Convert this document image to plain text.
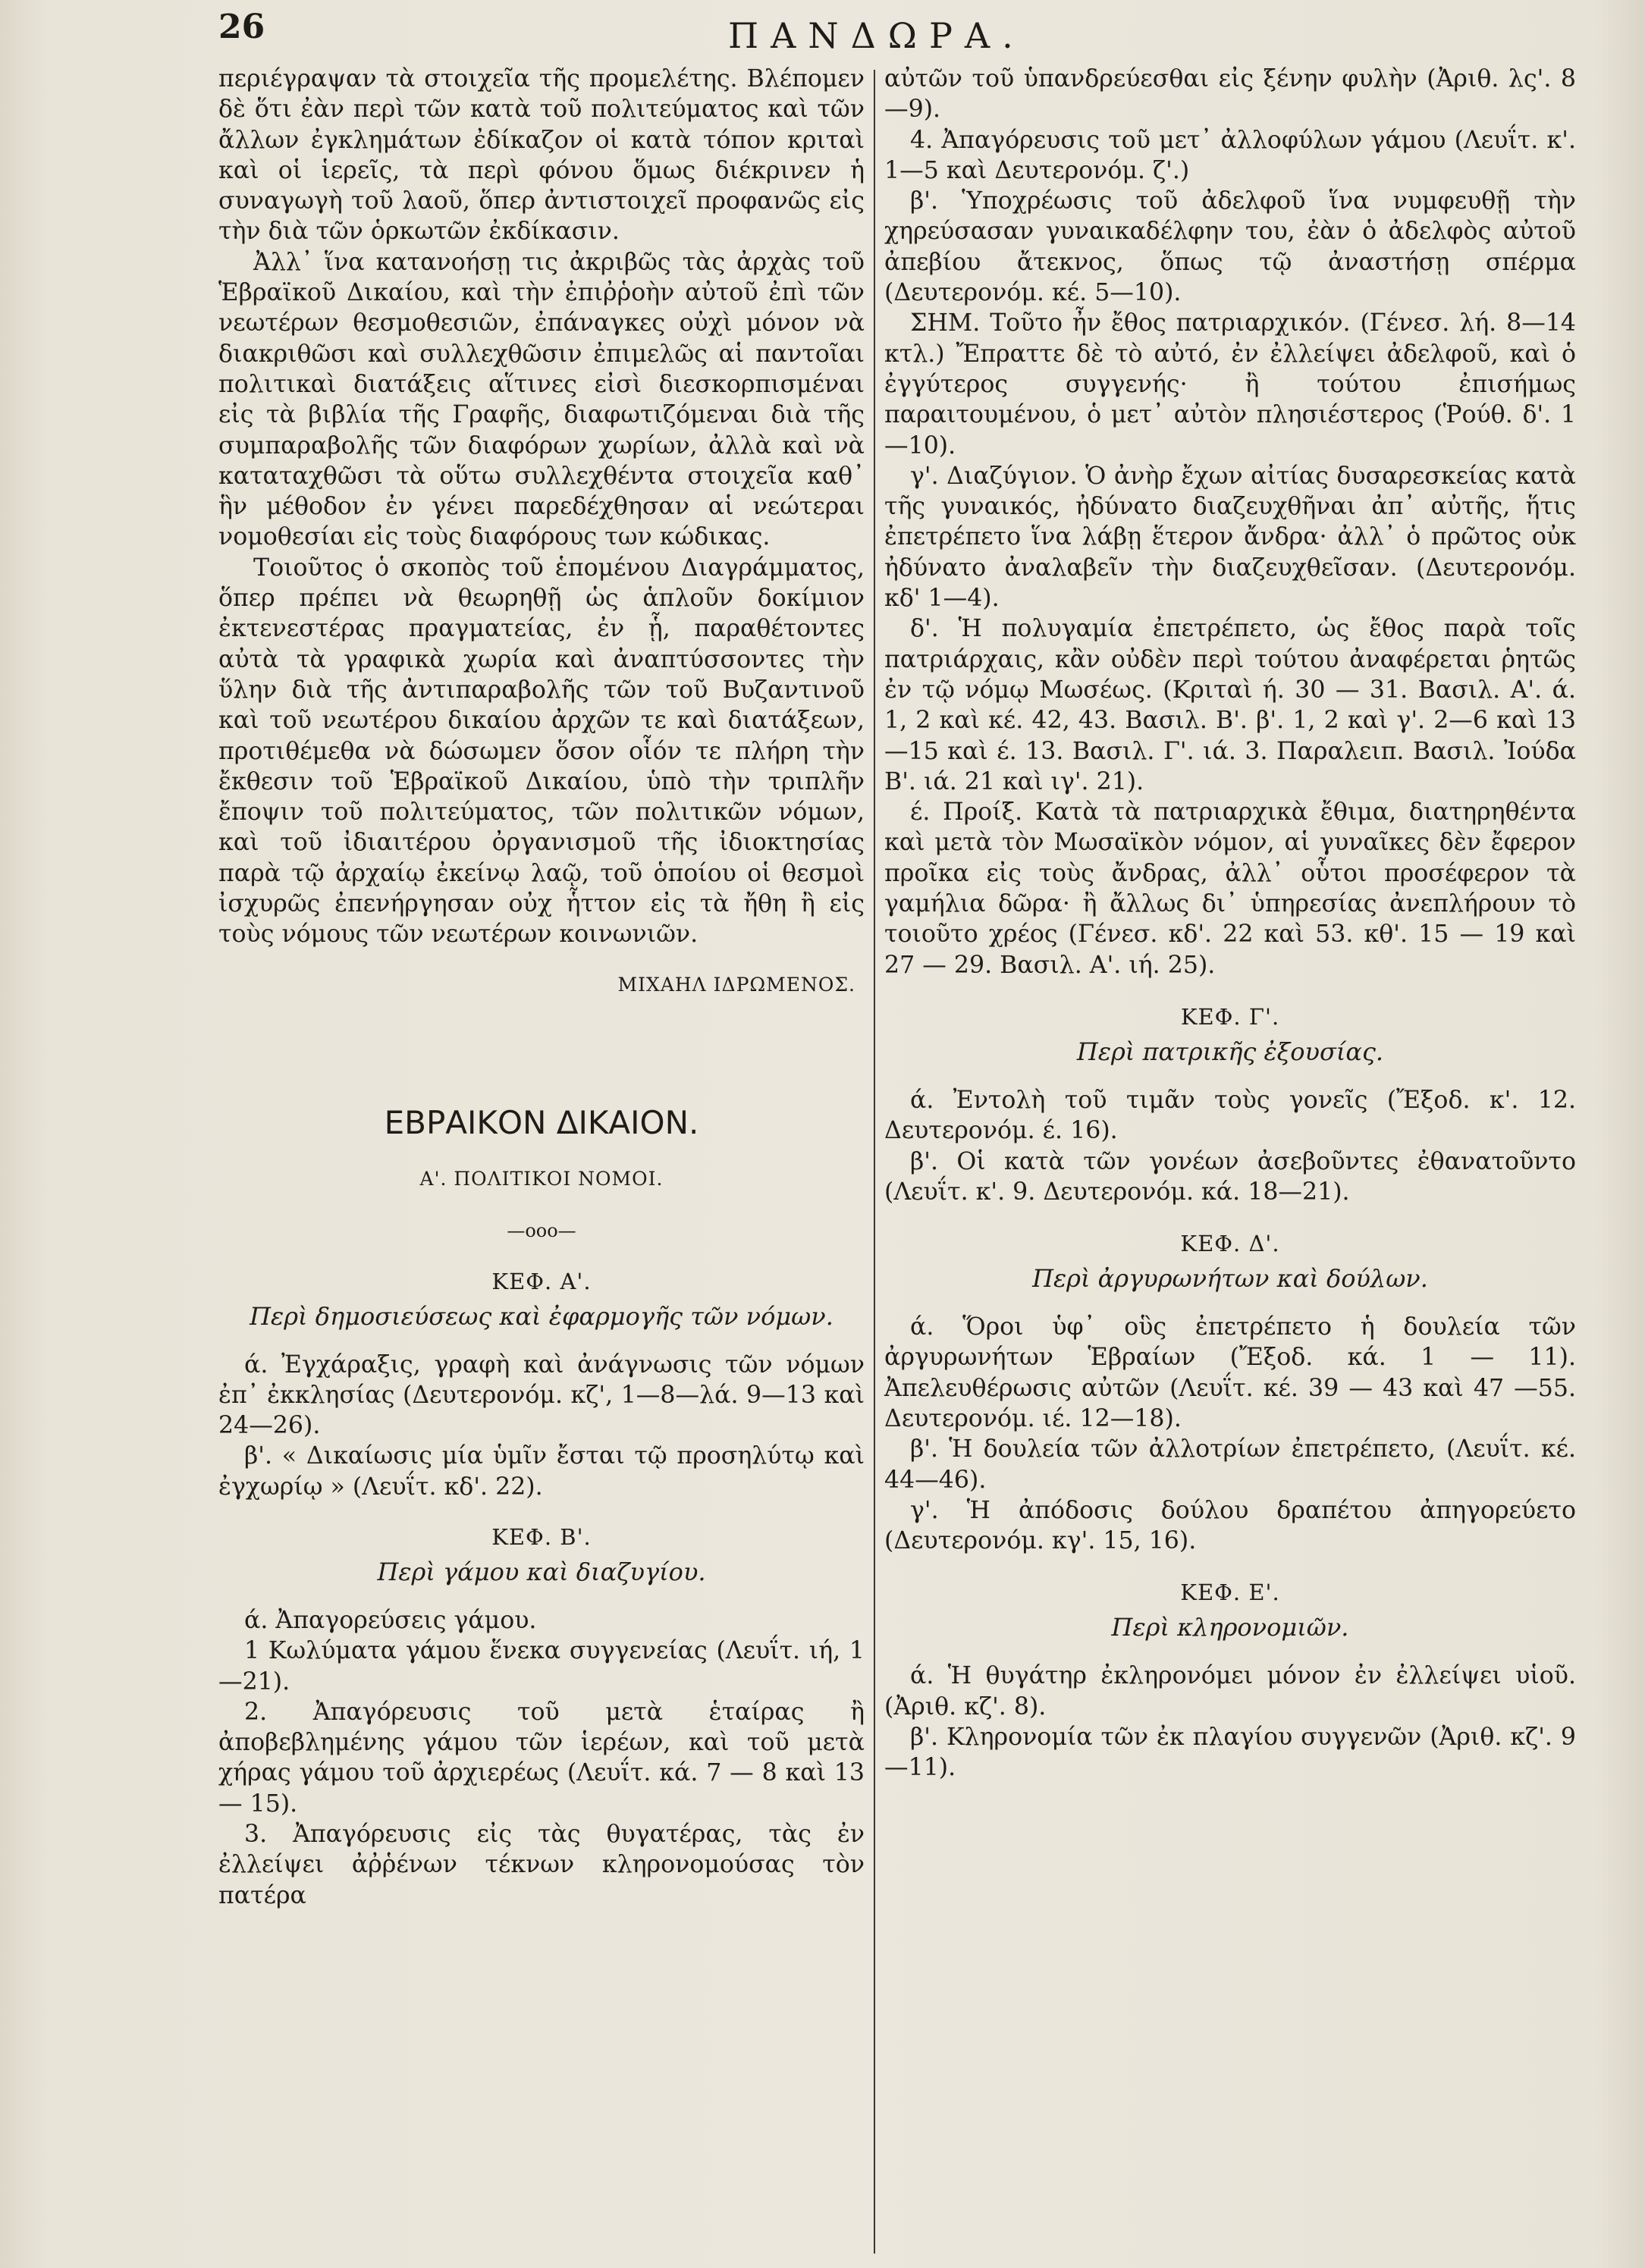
26	ΠΑΝΔΩΡΑ.

περιέγραψαν τὰ στοιχεῖα τῆς προμελέτης. Βλέπομεν δὲ ὅτι ἐὰν περὶ τῶν κατὰ τοῦ πολιτεύματος καὶ τῶν ἄλλων ἐγκλημάτων ἐδίκαζον οἱ κατὰ τόπον κριταὶ καὶ οἱ ἱερεῖς, τὰ περὶ φόνου ὅμως διέκρινεν ἡ συναγωγὴ τοῦ λαοῦ, ὅπερ ἀντιστοιχεῖ προφανῶς εἰς τὴν διὰ τῶν ὁρκωτῶν ἐκδίκασιν.

Ἀλλ᾽ ἵνα κατανοήσῃ τις ἀκριβῶς τὰς ἀρχὰς τοῦ Ἑβραϊκοῦ Δικαίου, καὶ τὴν ἐπιῤῥοὴν αὐτοῦ ἐπὶ τῶν νεωτέρων θεσμοθεσιῶν, ἐπάναγκες οὐχὶ μόνον νὰ διακριθῶσι καὶ συλλεχθῶσιν ἐπιμελῶς αἱ παντοῖαι πολιτικαὶ διατάξεις αἵτινες εἰσὶ διεσκορπισμέναι εἰς τὰ βιβλία τῆς Γραφῆς, διαφωτιζόμεναι διὰ τῆς συμπαραβολῆς τῶν διαφόρων χωρίων, ἀλλὰ καὶ νὰ καταταχθῶσι τὰ οὕτω συλλεχθέντα στοιχεῖα καθ᾽ ἣν μέθοδον ἐν γένει παρεδέχθησαν αἱ νεώτεραι νομοθεσίαι εἰς τοὺς διαφόρους των κώδικας.

Τοιοῦτος ὁ σκοπὸς τοῦ ἑπομένου Διαγράμματος, ὅπερ πρέπει νὰ θεωρηθῇ ὡς ἁπλοῦν δοκίμιον ἐκτενεστέρας πραγματείας, ἐν ᾗ, παραθέτοντες αὐτὰ τὰ γραφικὰ χωρία καὶ ἀναπτύσσοντες τὴν ὕλην διὰ τῆς ἀντιπαραβολῆς τῶν τοῦ Βυζαντινοῦ καὶ τοῦ νεωτέρου δικαίου ἀρχῶν τε καὶ διατάξεων, προτιθέμεθα νὰ δώσωμεν ὅσον οἷόν τε πλήρη τὴν ἔκθεσιν τοῦ Ἑβραϊκοῦ Δικαίου, ὑπὸ τὴν τριπλῆν ἔποψιν τοῦ πολιτεύματος, τῶν πολιτικῶν νόμων, καὶ τοῦ ἰδιαιτέρου ὀργανισμοῦ τῆς ἰδιοκτησίας παρὰ τῷ ἀρχαίῳ ἐκείνῳ λαῷ, τοῦ ὁποίου οἱ θεσμοὶ ἰσχυρῶς ἐπενήργησαν οὐχ ἧττον εἰς τὰ ἤθη ἢ εἰς τοὺς νόμους τῶν νεωτέρων κοινωνιῶν.

ΜΙΧΑΗΛ ΙΔΡΩΜΕΝΟΣ.

ΕΒΡΑΙΚΟΝ ΔΙΚΑΙΟΝ.

Α'. ΠΟΛΙΤΙΚΟΙ ΝΟΜΟΙ.

—ooo—

ΚΕΦ. Α'.

Περὶ δημοσιεύσεως καὶ ἐφαρμογῆς τῶν νόμων.

ά. Ἐγχάραξις, γραφὴ καὶ ἀνάγνωσις τῶν νόμων ἐπ᾽ ἐκκλησίας (Δευτερονόμ. κζ', 1—8—λά. 9—13 καὶ 24—26).

β'. « Δικαίωσις μία ὑμῖν ἔσται τῷ προσηλύτῳ καὶ ἐγχωρίῳ » (Λευΐτ. κδ'. 22).

ΚΕΦ. Β'.

Περὶ γάμου καὶ διαζυγίου.

ά. Ἀπαγορεύσεις γάμου.

1 Κωλύματα γάμου ἕνεκα συγγενείας (Λευΐτ. ιή, 1—21).

2. Ἀπαγόρευσις τοῦ μετὰ ἑταίρας ἢ ἀποβεβλημένης γάμου τῶν ἱερέων, καὶ τοῦ μετὰ χήρας γάμου τοῦ ἀρχιερέως (Λευΐτ. κά. 7 — 8 καὶ 13 — 15).

3. Ἀπαγόρευσις εἰς τὰς θυγατέρας, τὰς ἐν ἐλλείψει ἀῤῥένων τέκνων κληρονομούσας τὸν πατέρα

αὐτῶν τοῦ ὑπανδρεύεσθαι εἰς ξένην φυλὴν (Ἀριθ. λς'. 8—9).

4. Ἀπαγόρευσις τοῦ μετ᾽ ἀλλοφύλων γάμου (Λευΐτ. κ'. 1—5 καὶ Δευτερονόμ. ζ'.)

β'. Ὑποχρέωσις τοῦ ἀδελφοῦ ἵνα νυμφευθῇ τὴν χηρεύσασαν γυναικαδέλφην του, ἐὰν ὁ ἀδελφὸς αὐτοῦ ἀπεβίου ἄτεκνος, ὅπως τῷ ἀναστήσῃ σπέρμα (Δευτερονόμ. κέ. 5—10).

ΣΗΜ. Τοῦτο ἦν ἔθος πατριαρχικόν. (Γένεσ. λή. 8—14 κτλ.) Ἔπραττε δὲ τὸ αὐτό, ἐν ἐλλείψει ἀδελφοῦ, καὶ ὁ ἐγγύτερος συγγενής· ἢ τούτου ἐπισήμως παραιτουμένου, ὁ μετ᾽ αὐτὸν πλησιέστερος (Ῥούθ. δ'. 1—10).

γ'. Διαζύγιον. Ὁ ἀνὴρ ἔχων αἰτίας δυσαρεσκείας κατὰ τῆς γυναικός, ἠδύνατο διαζευχθῆναι ἀπ᾽ αὐτῆς, ἥτις ἐπετρέπετο ἵνα λάβῃ ἕτερον ἄνδρα· ἀλλ᾽ ὁ πρῶτος οὐκ ἠδύνατο ἀναλαβεῖν τὴν διαζευχθεῖσαν. (Δευτερονόμ. κδ' 1—4).

δ'. Ἡ πολυγαμία ἐπετρέπετο, ὡς ἔθος παρὰ τοῖς πατριάρχαις, κἂν οὐδὲν περὶ τούτου ἀναφέρεται ῥητῶς ἐν τῷ νόμῳ Μωσέως. (Κριταὶ ή. 30 — 31. Βασιλ. Α'. ά. 1, 2 καὶ κέ. 42, 43. Βασιλ. Β'. β'. 1, 2 καὶ γ'. 2—6 καὶ 13—15 καὶ έ. 13. Βασιλ. Γ'. ιά. 3. Παραλειπ. Βασιλ. Ἰούδα Β'. ιά. 21 καὶ ιγ'. 21).

έ. Προίξ. Κατὰ τὰ πατριαρχικὰ ἔθιμα, διατηρηθέντα καὶ μετὰ τὸν Μωσαϊκὸν νόμον, αἱ γυναῖκες δὲν ἔφερον προῖκα εἰς τοὺς ἄνδρας, ἀλλ᾽ οὗτοι προσέφερον τὰ γαμήλια δῶρα· ἢ ἄλλως δι᾽ ὑπηρεσίας ἀνεπλήρουν τὸ τοιοῦτο χρέος (Γένεσ. κδ'. 22 καὶ 53. κθ'. 15 — 19 καὶ 27 — 29. Βασιλ. Α'. ιή. 25).

ΚΕΦ. Γ'.

Περὶ πατρικῆς ἐξουσίας.

ά. Ἐντολὴ τοῦ τιμᾶν τοὺς γονεῖς (Ἔξοδ. κ'. 12. Δευτερονόμ. έ. 16).

β'. Οἱ κατὰ τῶν γονέων ἀσεβοῦντες ἐθανατοῦντο (Λευΐτ. κ'. 9. Δευτερονόμ. κά. 18—21).

ΚΕΦ. Δ'.

Περὶ ἀργυρωνήτων καὶ δούλων.

ά. Ὅροι ὑφ᾽ οὓς ἐπετρέπετο ἡ δουλεία τῶν ἀργυρωνήτων Ἑβραίων (Ἔξοδ. κά. 1 — 11). Ἀπελευθέρωσις αὐτῶν (Λευΐτ. κέ. 39 — 43 καὶ 47 —55. Δευτερονόμ. ιέ. 12—18).

β'. Ἡ δουλεία τῶν ἀλλοτρίων ἐπετρέπετο, (Λευΐτ. κέ. 44—46).

γ'. Ἡ ἀπόδοσις δούλου δραπέτου ἀπηγορεύετο (Δευτερονόμ. κγ'. 15, 16).

ΚΕΦ. Ε'.

Περὶ κληρονομιῶν.

ά. Ἡ θυγάτηρ ἐκληρονόμει μόνον ἐν ἐλλείψει υἱοῦ. (Ἀριθ. κζ'. 8).

β'. Κληρονομία τῶν ἐκ πλαγίου συγγενῶν (Ἀριθ. κζ'. 9—11).
